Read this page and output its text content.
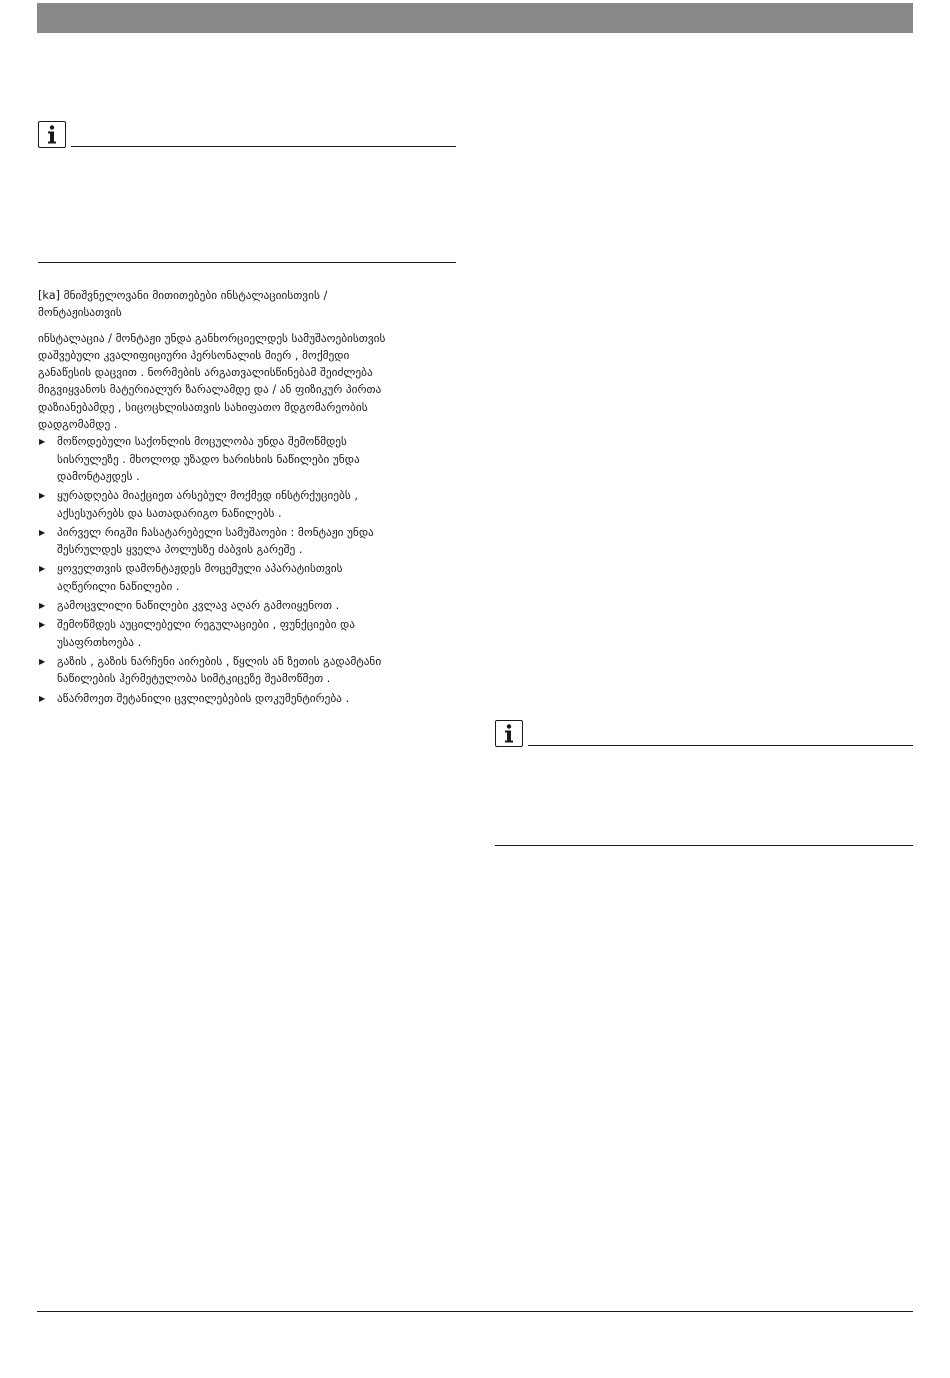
[ka] მნიშვნელოვანი მითითებები ინსტალაციისთვის /
მონტაჟისათვის
ინსტალაცია / მონტაჟი უნდა განხორციელდეს სამუშაოებისთვის
დაშვებული კვალიფიციური პერსონალის მიერ , მოქმედი
განაწესის დაცვით . ნორმების არგათვალისწინებამ შეიძლება
მიგვიყვანოს მატერიალურ ზარალამდე და / ან ფიზიკურ პირთა
დაზიანებამდე , სიცოცხლისათვის სახიფათო მდგომარეობის
დადგომამდე .
▶ მოწოდებული საქონლის მოცულობა უნდა შემოწმდეს
სისრულეზე . მხოლოდ უზადო ხარისხის ნაწილები უნდა
დამონტაჟდეს .
▶ ყურადღება მიაქციეთ არსებულ მოქმედ ინსტრქუციებს ,
აქსესუარებს და სათადარიგო ნაწილებს .
▶ პირველ რიგში ჩასატარებელი სამუშაოები : მონტაჟი უნდა
შესრულდეს ყველა პოლუსზე ძაბვის გარეშე .
▶ ყოველთვის დამონტაჟდეს მოცემული აპარატისთვის
აღწერილი ნაწილები .
▶ გამოცვლილი ნაწილები კვლავ აღარ გამოიყენოთ .
▶ შემოწმდეს აუცილებელი რეგულაციები , ფუნქციები და
უსაფრთხოება .
▶ გაზის , გაზის ნარჩენი აირების , წყლის ან ზეთის გადამტანი
ნაწილების ჰერმეტულობა სიმტკიცეზე შეამოწმეთ .
▶ აწარმოეთ შეტანილი ცვლილებების დოკუმენტირება .
